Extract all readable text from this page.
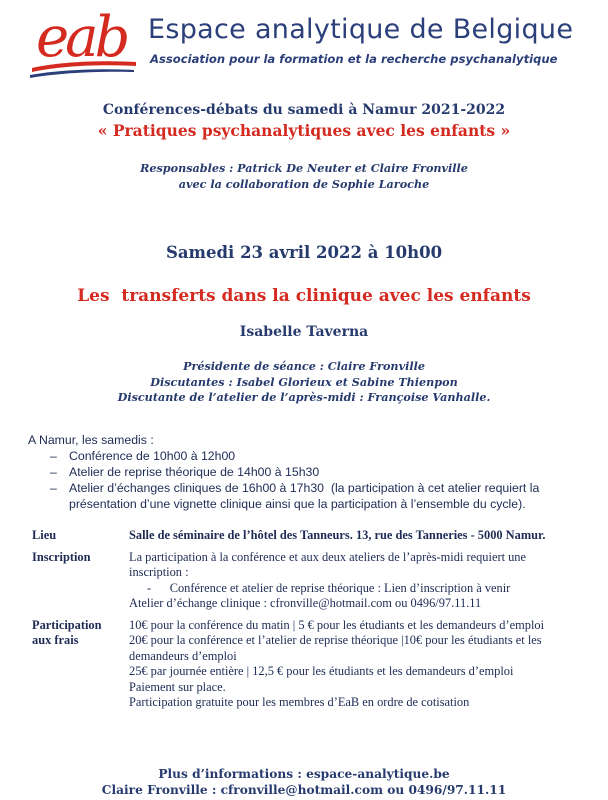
eab Espace analytique de Belgique
Association pour la formation et la recherche psychanalytique
Conférences-débats du samedi à Namur 2021-2022
« Pratiques psychanalytiques avec les enfants »
Responsables : Patrick De Neuter et Claire Fronville
avec la collaboration de Sophie Laroche
Samedi 23 avril 2022 à 10h00
Les  transferts dans la clinique avec les enfants
Isabelle Taverna
Présidente de séance : Claire Fronville
Discutantes : Isabel Glorieux et Sabine Thienpon
Discutante de l’atelier de l’après-midi : Françoise Vanhalle.
A Namur, les samedis :
– Conférence de 10h00 à 12h00
– Atelier de reprise théorique de 14h00 à 15h30
– Atelier d’échanges cliniques de 16h00 à 17h30  (la participation à cet atelier requiert la présentation d’une vignette clinique ainsi que la participation à l’ensemble du cycle).
Lieu	Salle de séminaire de l’hôtel des Tanneurs. 13, rue des Tanneries - 5000 Namur.
Inscription	La participation à la conférence et aux deux ateliers de l’après-midi requiert une inscription :
-      Conférence et atelier de reprise théorique : Lien d’inscription à venir
Atelier d’échange clinique : cfronville@hotmail.com ou 0496/97.11.11
Participation aux frais
10€ pour la conférence du matin | 5 € pour les étudiants et les demandeurs d’emploi
20€ pour la conférence et l’atelier de reprise théorique |10€ pour les étudiants et les demandeurs d’emploi
25€ par journée entière | 12,5 € pour les étudiants et les demandeurs d’emploi
Paiement sur place.
Participation gratuite pour les membres d’EaB en ordre de cotisation
Plus d’informations : espace-analytique.be
Claire Fronville : cfronville@hotmail.com ou 0496/97.11.11
